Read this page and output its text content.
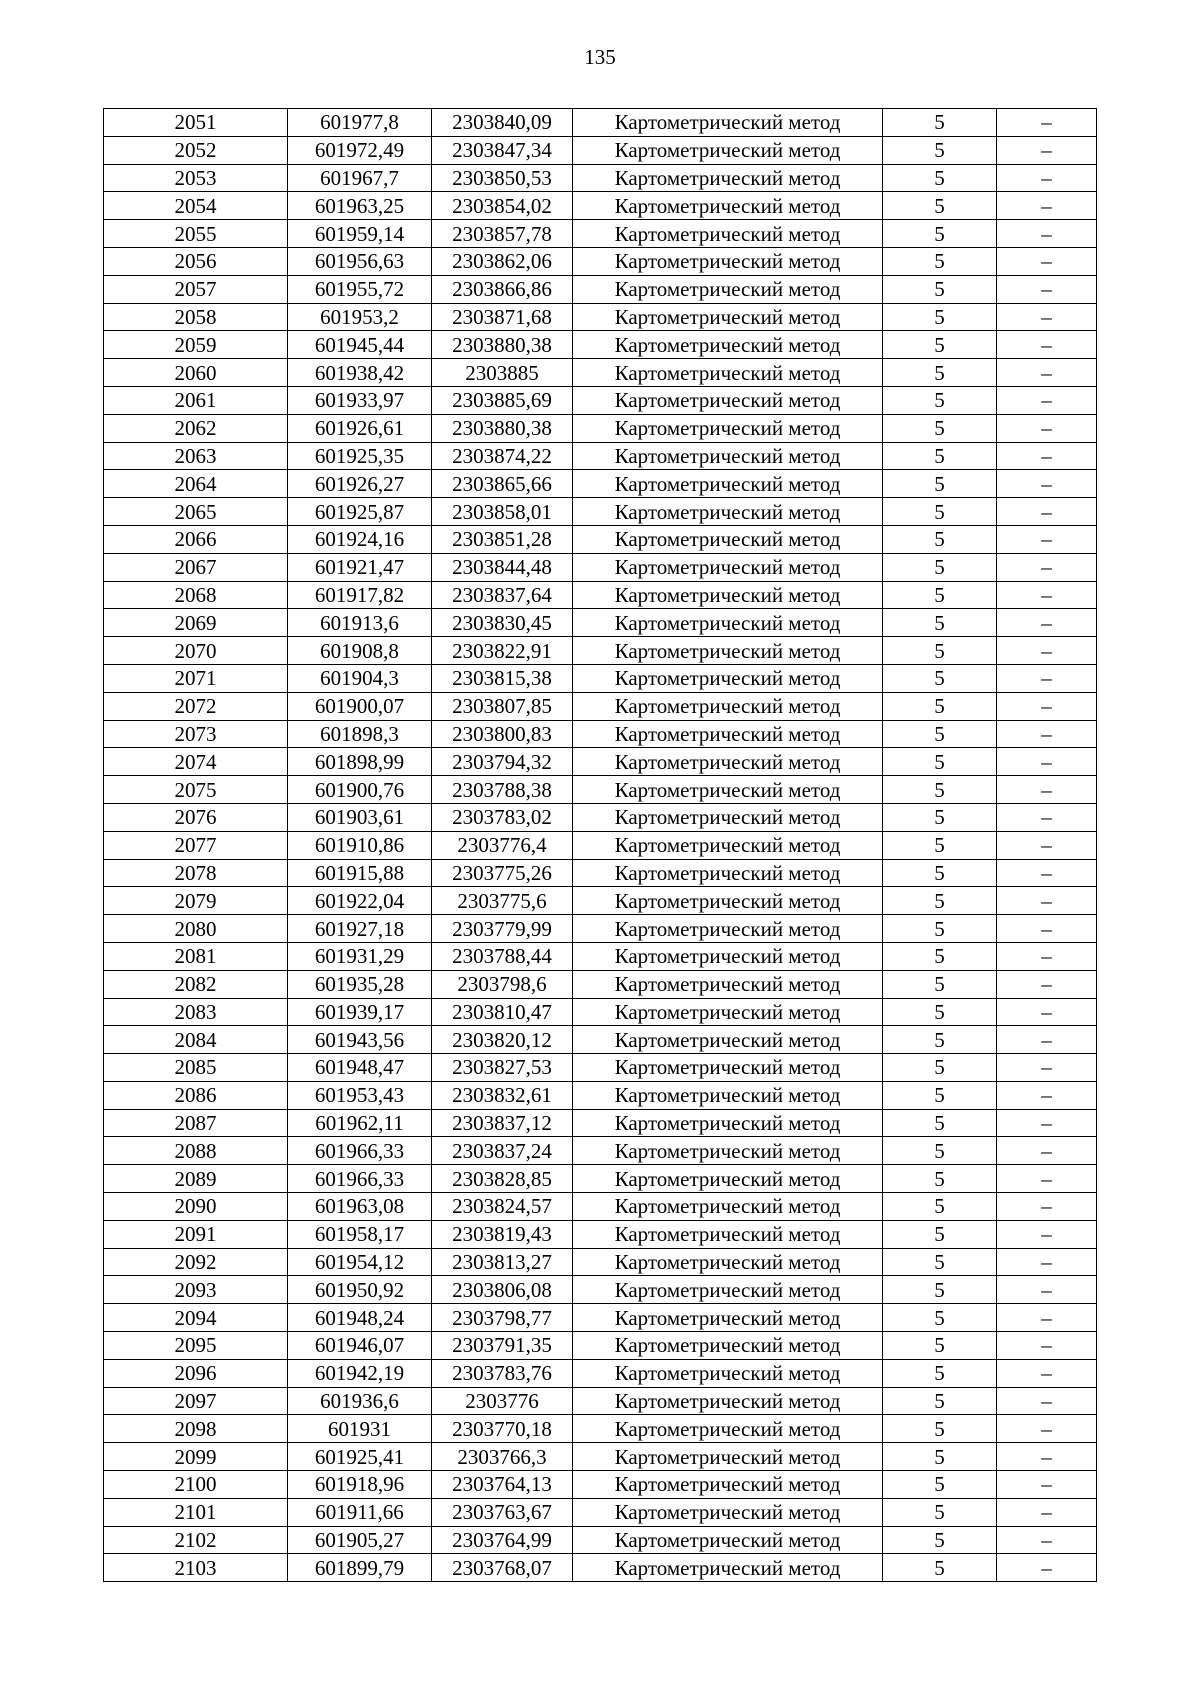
135
2051	601977,8	2303840,09	Картометрический метод	5	–
2052	601972,49	2303847,34	Картометрический метод	5	–
2053	601967,7	2303850,53	Картометрический метод	5	–
2054	601963,25	2303854,02	Картометрический метод	5	–
2055	601959,14	2303857,78	Картометрический метод	5	–
2056	601956,63	2303862,06	Картометрический метод	5	–
2057	601955,72	2303866,86	Картометрический метод	5	–
2058	601953,2	2303871,68	Картометрический метод	5	–
2059	601945,44	2303880,38	Картометрический метод	5	–
2060	601938,42	2303885	Картометрический метод	5	–
2061	601933,97	2303885,69	Картометрический метод	5	–
2062	601926,61	2303880,38	Картометрический метод	5	–
2063	601925,35	2303874,22	Картометрический метод	5	–
2064	601926,27	2303865,66	Картометрический метод	5	–
2065	601925,87	2303858,01	Картометрический метод	5	–
2066	601924,16	2303851,28	Картометрический метод	5	–
2067	601921,47	2303844,48	Картометрический метод	5	–
2068	601917,82	2303837,64	Картометрический метод	5	–
2069	601913,6	2303830,45	Картометрический метод	5	–
2070	601908,8	2303822,91	Картометрический метод	5	–
2071	601904,3	2303815,38	Картометрический метод	5	–
2072	601900,07	2303807,85	Картометрический метод	5	–
2073	601898,3	2303800,83	Картометрический метод	5	–
2074	601898,99	2303794,32	Картометрический метод	5	–
2075	601900,76	2303788,38	Картометрический метод	5	–
2076	601903,61	2303783,02	Картометрический метод	5	–
2077	601910,86	2303776,4	Картометрический метод	5	–
2078	601915,88	2303775,26	Картометрический метод	5	–
2079	601922,04	2303775,6	Картометрический метод	5	–
2080	601927,18	2303779,99	Картометрический метод	5	–
2081	601931,29	2303788,44	Картометрический метод	5	–
2082	601935,28	2303798,6	Картометрический метод	5	–
2083	601939,17	2303810,47	Картометрический метод	5	–
2084	601943,56	2303820,12	Картометрический метод	5	–
2085	601948,47	2303827,53	Картометрический метод	5	–
2086	601953,43	2303832,61	Картометрический метод	5	–
2087	601962,11	2303837,12	Картометрический метод	5	–
2088	601966,33	2303837,24	Картометрический метод	5	–
2089	601966,33	2303828,85	Картометрический метод	5	–
2090	601963,08	2303824,57	Картометрический метод	5	–
2091	601958,17	2303819,43	Картометрический метод	5	–
2092	601954,12	2303813,27	Картометрический метод	5	–
2093	601950,92	2303806,08	Картометрический метод	5	–
2094	601948,24	2303798,77	Картометрический метод	5	–
2095	601946,07	2303791,35	Картометрический метод	5	–
2096	601942,19	2303783,76	Картометрический метод	5	–
2097	601936,6	2303776	Картометрический метод	5	–
2098	601931	2303770,18	Картометрический метод	5	–
2099	601925,41	2303766,3	Картометрический метод	5	–
2100	601918,96	2303764,13	Картометрический метод	5	–
2101	601911,66	2303763,67	Картометрический метод	5	–
2102	601905,27	2303764,99	Картометрический метод	5	–
2103	601899,79	2303768,07	Картометрический метод	5	–
